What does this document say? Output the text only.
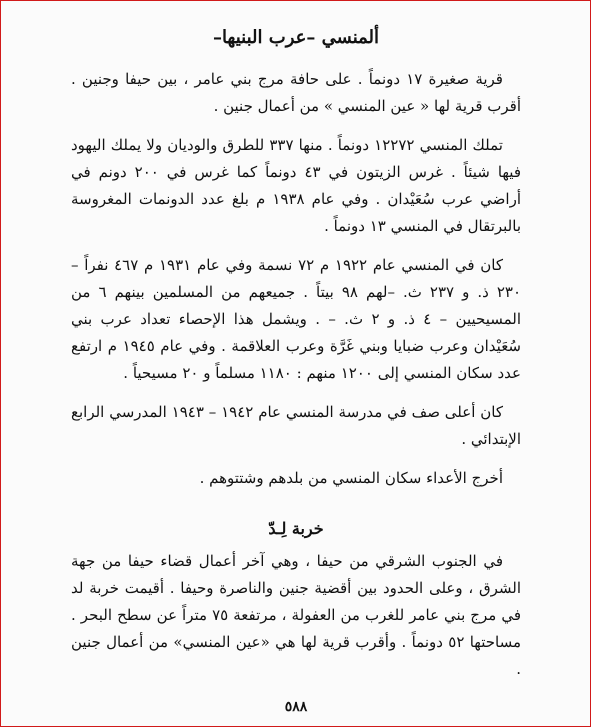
ألمنسي –عرب البنيها–

قرية صغيرة ١٧ دونماً . على حافة مرج بني عامر ، بين حيفا وجنين . أقرب قرية لها « عين المنسي » من أعمال جنين .

تملك المنسي ١٢٢٧٢ دونماً . منها ٣٣٧ للطرق والوديان ولا يملك اليهود فيها شيئاً . غرس الزيتون في ٤٣ دونماً كما غرس في ٢٠٠ دونم في أراضي عرب سُعَيْدان . وفي عام ١٩٣٨ م بلغ عدد الدونمات المغروسة بالبرتقال في المنسي ١٣ دونماً .

كان في المنسي عام ١٩٢٢ م ٧٢ نسمة وفي عام ١٩٣١ م ٤٦٧ نفراً – ٢٣٠ ذ. و ٢٣٧ ث. –لهم ٩٨ بيتاً . جميعهم من المسلمين بينهم ٦ من المسيحيين – ٤ ذ. و ٢ ث. – . ويشمل هذا الإحصاء تعداد عرب بني سُعَيْدان وعرب ضبايا وبني غَرَّة وعرب العلاقمة . وفي عام ١٩٤٥ م ارتفع عدد سكان المنسي إلى ١٢٠٠ منهم : ١١٨٠ مسلماً و ٢٠ مسيحياً .

كان أعلى صف في مدرسة المنسي عام ١٩٤٢ – ١٩٤٣ المدرسي الرابع الإبتدائي .

أخرج الأعداء سكان المنسي من بلدهم وشتتوهم .

خربة لِـدّ

في الجنوب الشرقي من حيفا ، وهي آخر أعمال قضاء حيفا من جهة الشرق ، وعلى الحدود بين أقضية جنين والناصرة وحيفا . أقيمت خربة لد في مرج بني عامر للغرب من العفولة ، مرتفعة ٧٥ متراً عن سطح البحر . مساحتها ٥٢ دونماً . وأقرب قرية لها هي «عين المنسي» من أعمال جنين .

٥٨٨
